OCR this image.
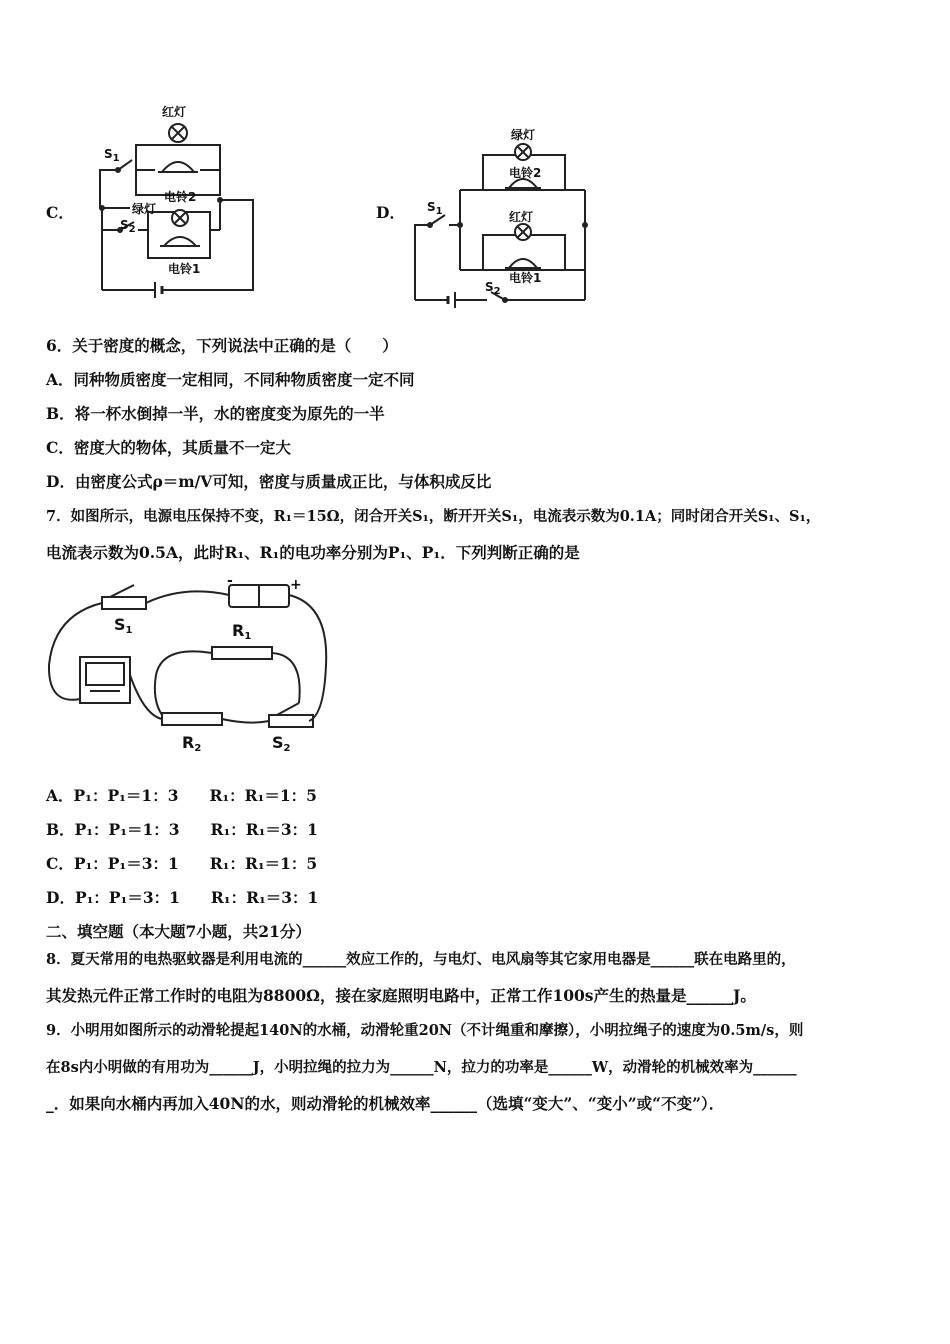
C．
红灯
电铃2
绿灯
电铃1
$S_1$
$S_2$
D．
绿灯
电铃2
红灯
电铃1
$S_1$
$S_2$
6．关于密度的概念，下列说法中正确的是（　　）
A．同种物质密度一定相同，不同种物质密度一定不同
B．将一杯水倒掉一半，水的密度变为原先的一半
C．密度大的物体，其质量不一定大
D．由密度公式ρ＝m/V可知，密度与质量成正比，与体积成反比
7．如图所示，电源电压保持不变，R₁＝15Ω，闭合开关S₁，断开开关S₁，电流表示数为0.1A；同时闭合开关S₁、S₁，
电流表示数为0.5A，此时R₁、R₁的电功率分别为P₁、P₁．下列判断正确的是
+
-
$S_1$	$R_1$
$R_2$	$S_2$
A．P₁：P₁＝1：3　　R₁：R₁＝1：5
B．P₁：P₁＝1：3　　R₁：R₁＝3：1
C．P₁：P₁＝3：1　　R₁：R₁＝1：5
D．P₁：P₁＝3：1　　R₁：R₁＝3：1
二、填空题（本大题7小题，共21分）
8．夏天常用的电热驱蚊器是利用电流的______效应工作的，与电灯、电风扇等其它家用电器是______联在电路里的，
其发热元件正常工作时的电阻为8800Ω，接在家庭照明电路中，正常工作100s产生的热量是______J。
9．小明用如图所示的动滑轮提起140N的水桶，动滑轮重20N（不计绳重和摩擦），小明拉绳子的速度为0.5m/s，则
在8s内小明做的有用功为______J，小明拉绳的拉力为______N，拉力的功率是______W，动滑轮的机械效率为______
_．如果向水桶内再加入40N的水，则动滑轮的机械效率______（选填“变大”、“变小”或“不变”）．
